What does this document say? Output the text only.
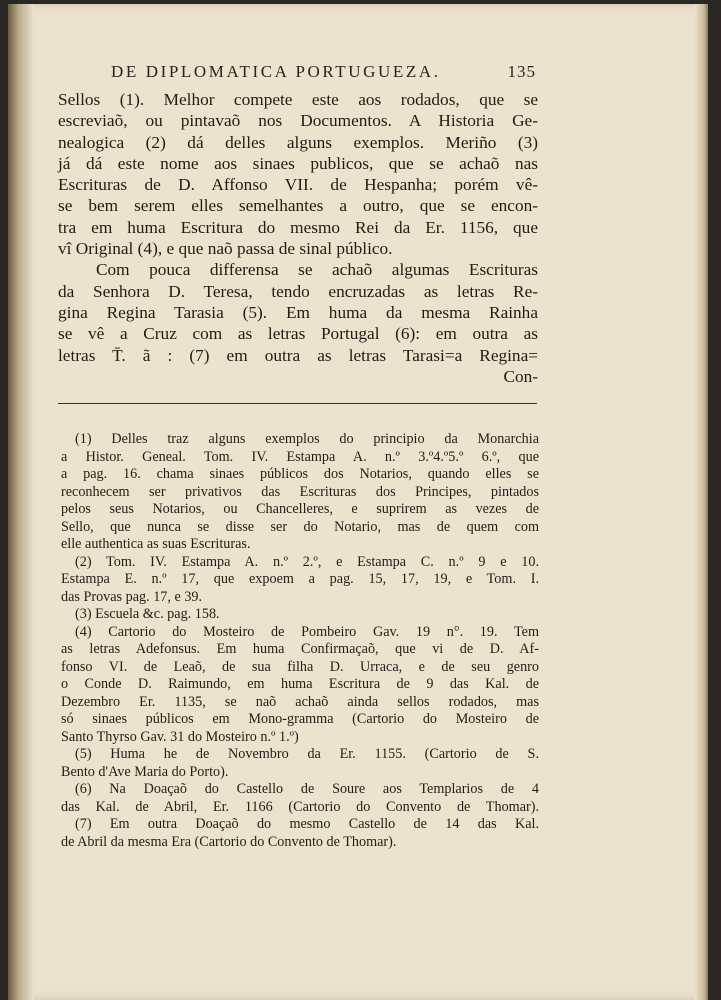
DE DIPLOMATICA PORTUGUEZA.	135
Sellos (1). Melhor compete este aos rodados, que se
escreviaõ, ou pintavaõ nos Documentos. A Historia Ge-
nealogica (2) dá delles alguns exemplos. Meriño (3)
já dá este nome aos sinaes publicos, que se achaõ nas
Escrituras de D. Affonso VII. de Hespanha; porém vê-
se bem serem elles semelhantes a outro, que se encon-
tra em huma Escritura do mesmo Rei da Er. 1156, que
vî Original (4), e que naõ passa de sinal público.
Com pouca differensa se achaõ algumas Escrituras
da Senhora D. Teresa, tendo encruzadas as letras Re-
gina Regina Tarasia (5). Em huma da mesma Rainha
se vê a Cruz com as letras Portugal (6): em outra as
letras T̄. ã : (7) em outra as letras Tarasi=a Regina=
Con-
(1) Delles traz alguns exemplos do principio da Monarchia
a Histor. Geneal. Tom. IV. Estampa A. n.º 3.º4.º5.º 6.º, que
a pag. 16. chama sinaes públicos dos Notarios, quando elles se
reconhecem ser privativos das Escrituras dos Principes, pintados
pelos seus Notarios, ou Chancelleres, e suprirem as vezes de
Sello, que nunca se disse ser do Notario, mas de quem com
elle authentica as suas Escrituras.
(2) Tom. IV. Estampa A. n.º 2.º, e Estampa C. n.º 9 e 10.
Estampa E. n.º 17, que expoem a pag. 15, 17, 19, e Tom. I.
das Provas pag. 17, e 39.
(3) Escuela &c. pag. 158.
(4) Cartorio do Mosteiro de Pombeiro Gav. 19 n°. 19. Tem
as letras Adefonsus. Em huma Confirmaçaõ, que vi de D. Af-
fonso VI. de Leaõ, de sua filha D. Urraca, e de seu genro
o Conde D. Raimundo, em huma Escritura de 9 das Kal. de
Dezembro Er. 1135, se naõ achaõ ainda sellos rodados, mas
só sinaes públicos em Mono-gramma (Cartorio do Mosteiro de
Santo Thyrso Gav. 31 do Mosteiro n.º 1.º)
(5) Huma he de Novembro da Er. 1155. (Cartorio de S.
Bento d'Ave Maria do Porto).
(6) Na Doaçaõ do Castello de Soure aos Templarios de 4
das Kal. de Abril, Er. 1166 (Cartorio do Convento de Thomar).
(7) Em outra Doaçaõ do mesmo Castello de 14 das Kal.
de Abril da mesma Era (Cartorio do Convento de Thomar).
